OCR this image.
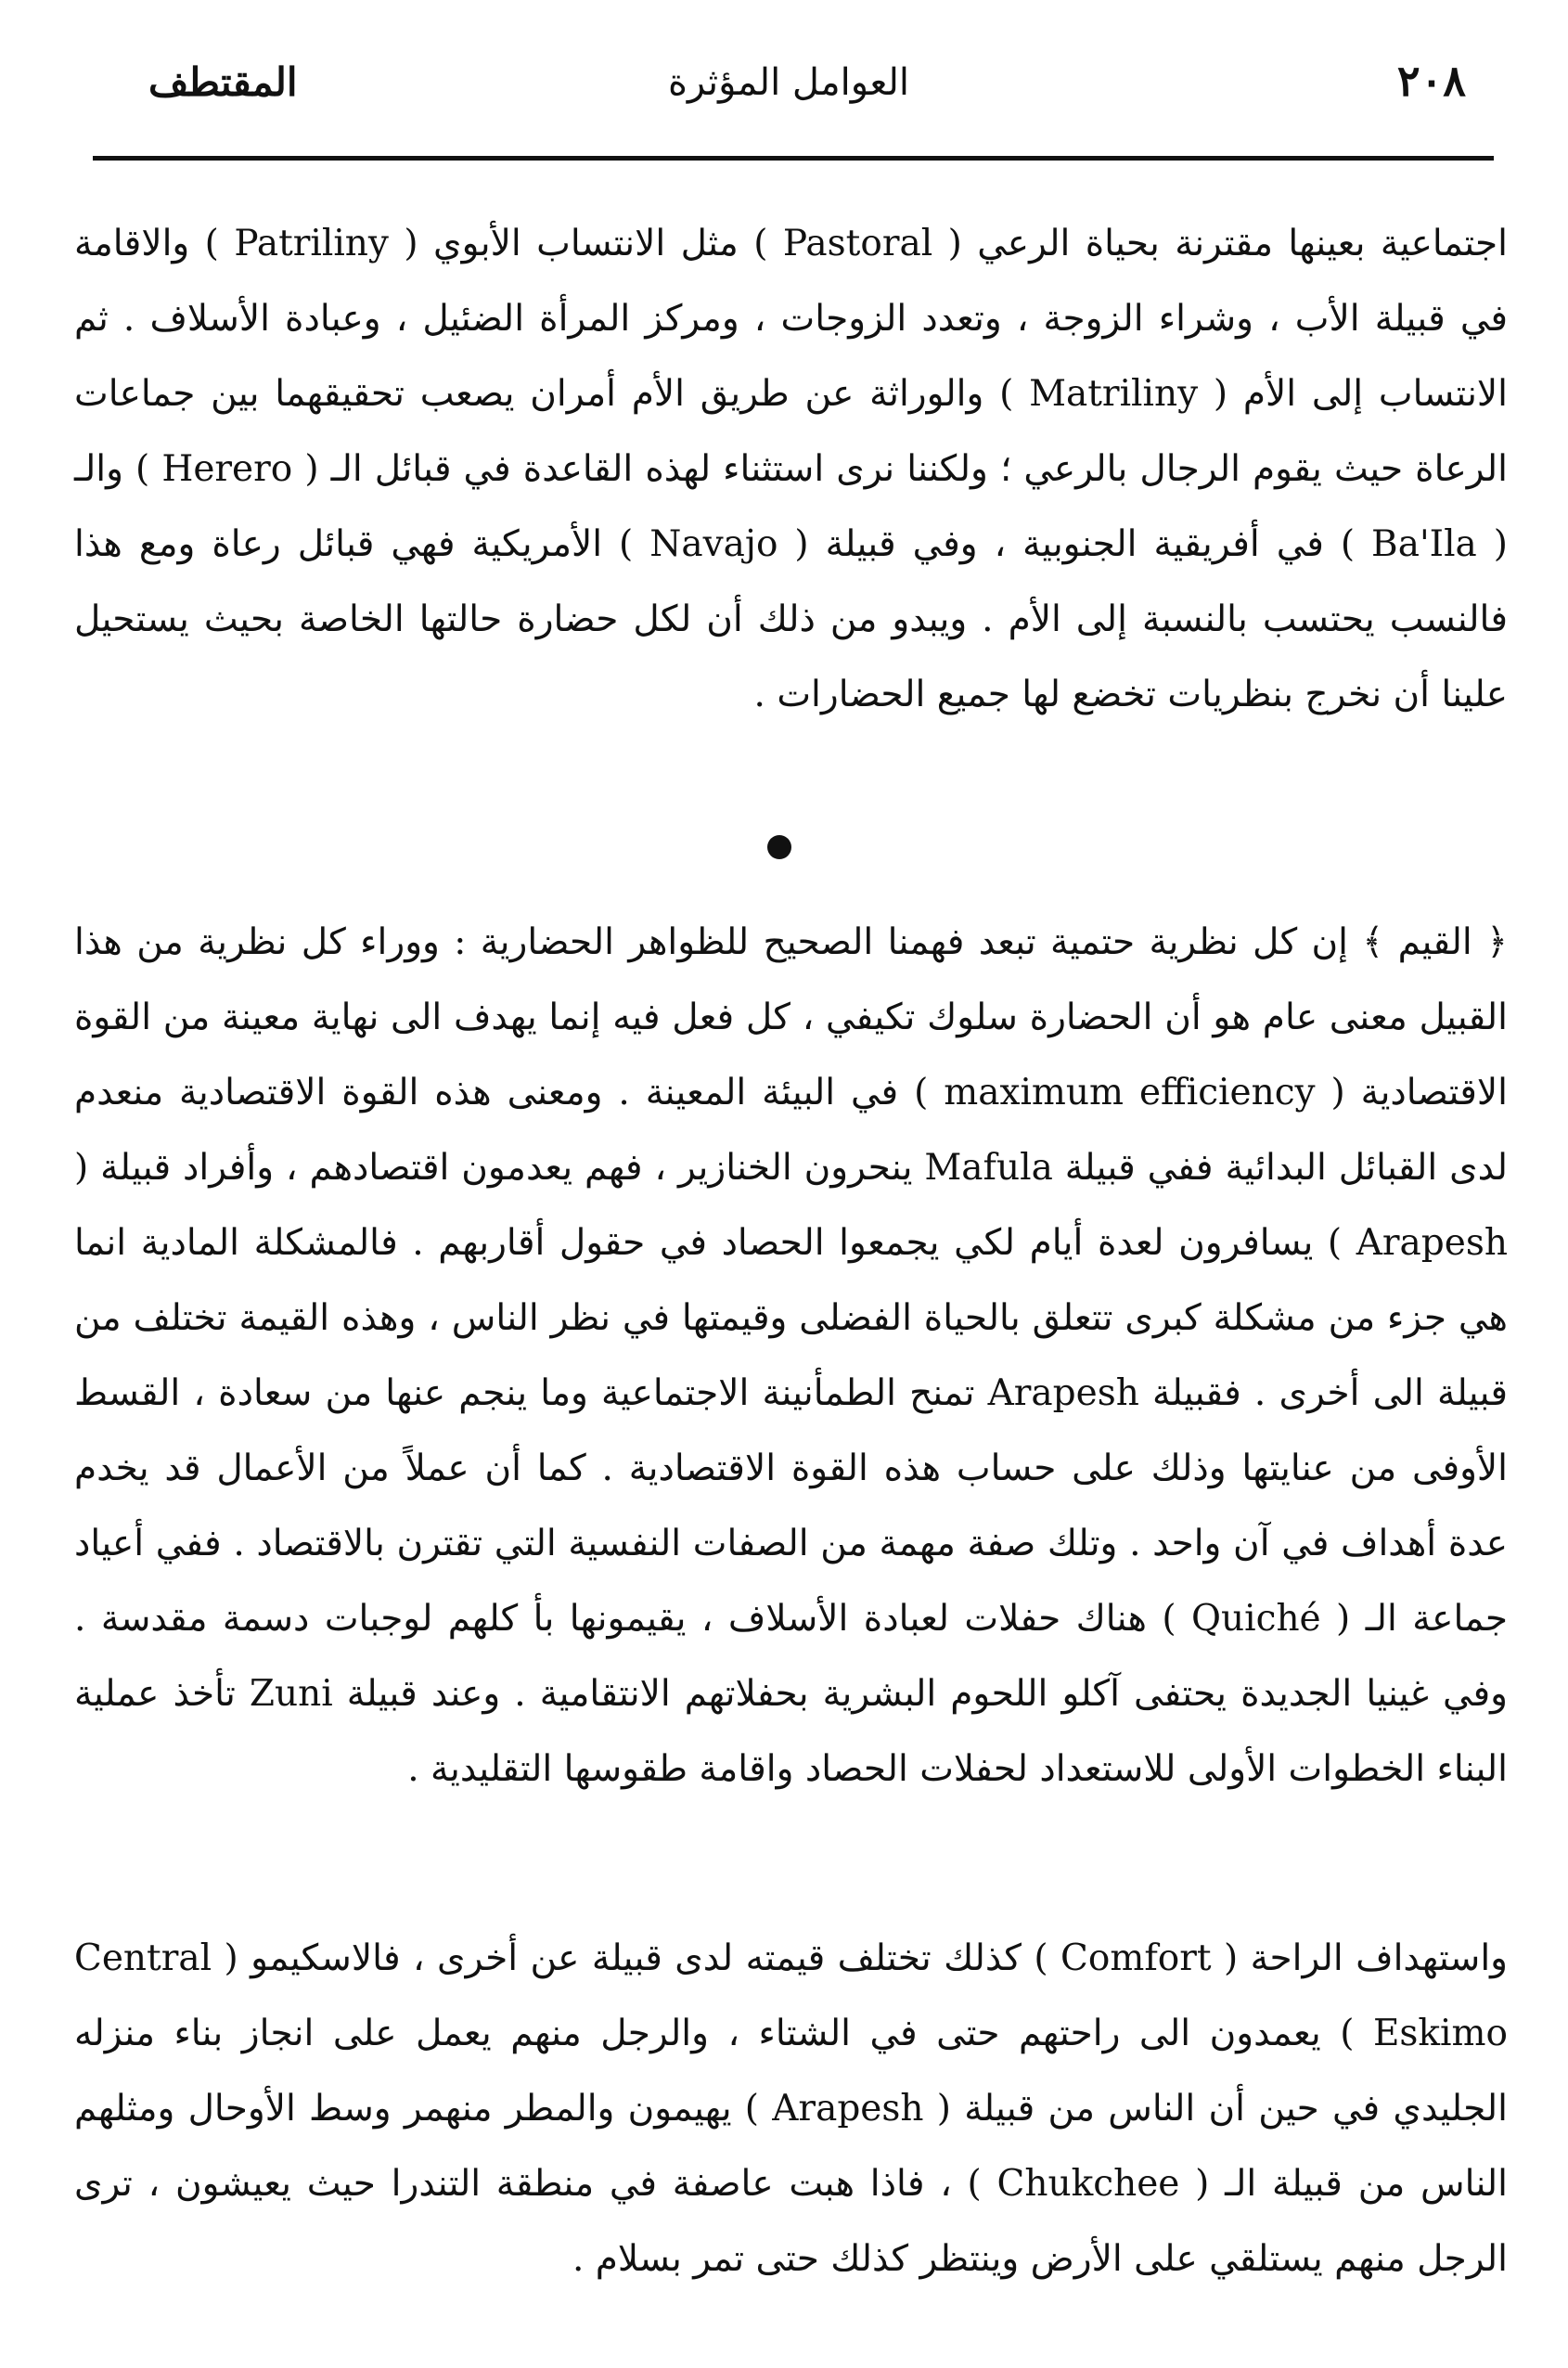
٢٠٨
العوامل المؤثرة
المقتطف

اجتماعية بعينها مقترنة بحياة الرعي ( Pastoral ) مثل الانتساب الأبوي ( Patriliny ) والاقامة في قبيلة الأب ، وشراء الزوجة ، وتعدد الزوجات ، ومركز المرأة الضئيل ، وعبادة الأسلاف . ثم الانتساب إلى الأم ( Matriliny ) والوراثة عن طريق الأم أمران يصعب تحقيقهما بين جماعات الرعاة حيث يقوم الرجال بالرعي ؛ ولكننا نرى استثناء لهذه القاعدة في قبائل الـ ( Herero ) والـ ( Ba'Ila ) في أفريقية الجنوبية ، وفي قبيلة ( Navajo ) الأمريكية فهي قبائل رعاة ومع هذا فالنسب يحتسب بالنسبة إلى الأم . ويبدو من ذلك أن لكل حضارة حالتها الخاصة بحيث يستحيل علينا أن نخرج بنظريات تخضع لها جميع الحضارات .

﴿ القيم ﴾ إن كل نظرية حتمية تبعد فهمنا الصحيح للظواهر الحضارية : ووراء كل نظرية من هذا القبيل معنى عام هو أن الحضارة سلوك تكيفي ، كل فعل فيه إنما يهدف الى نهاية معينة من القوة الاقتصادية ( maximum efficiency ) في البيئة المعينة . ومعنى هذه القوة الاقتصادية منعدم لدى القبائل البدائية ففي قبيلة Mafula ينحرون الخنازير ، فهم يعدمون اقتصادهم ، وأفراد قبيلة ( Arapesh ) يسافرون لعدة أيام لكي يجمعوا الحصاد في حقول أقاربهم . فالمشكلة المادية انما هي جزء من مشكلة كبرى تتعلق بالحياة الفضلى وقيمتها في نظر الناس ، وهذه القيمة تختلف من قبيلة الى أخرى . فقبيلة Arapesh تمنح الطمأنينة الاجتماعية وما ينجم عنها من سعادة ، القسط الأوفى من عنايتها وذلك على حساب هذه القوة الاقتصادية . كما أن عملاً من الأعمال قد يخدم عدة أهداف في آن واحد . وتلك صفة مهمة من الصفات النفسية التي تقترن بالاقتصاد . ففي أعياد جماعة الـ ( Quiché ) هناك حفلات لعبادة الأسلاف ، يقيمونها بأ كلهم لوجبات دسمة مقدسة . وفي غينيا الجديدة يحتفى آكلو اللحوم البشرية بحفلاتهم الانتقامية . وعند قبيلة Zuni تأخذ عملية البناء الخطوات الأولى للاستعداد لحفلات الحصاد واقامة طقوسها التقليدية .

واستهداف الراحة ( Comfort ) كذلك تختلف قيمته لدى قبيلة عن أخرى ، فالاسكيمو ( Central Eskimo ) يعمدون الى راحتهم حتى في الشتاء ، والرجل منهم يعمل على انجاز بناء منزله الجليدي في حين أن الناس من قبيلة ( Arapesh ) يهيمون والمطر منهمر وسط الأوحال ومثلهم الناس من قبيلة الـ ( Chukchee ) ، فاذا هبت عاصفة في منطقة التندرا حيث يعيشون ، ترى الرجل منهم يستلقي على الأرض وينتظر كذلك حتى تمر بسلام .
